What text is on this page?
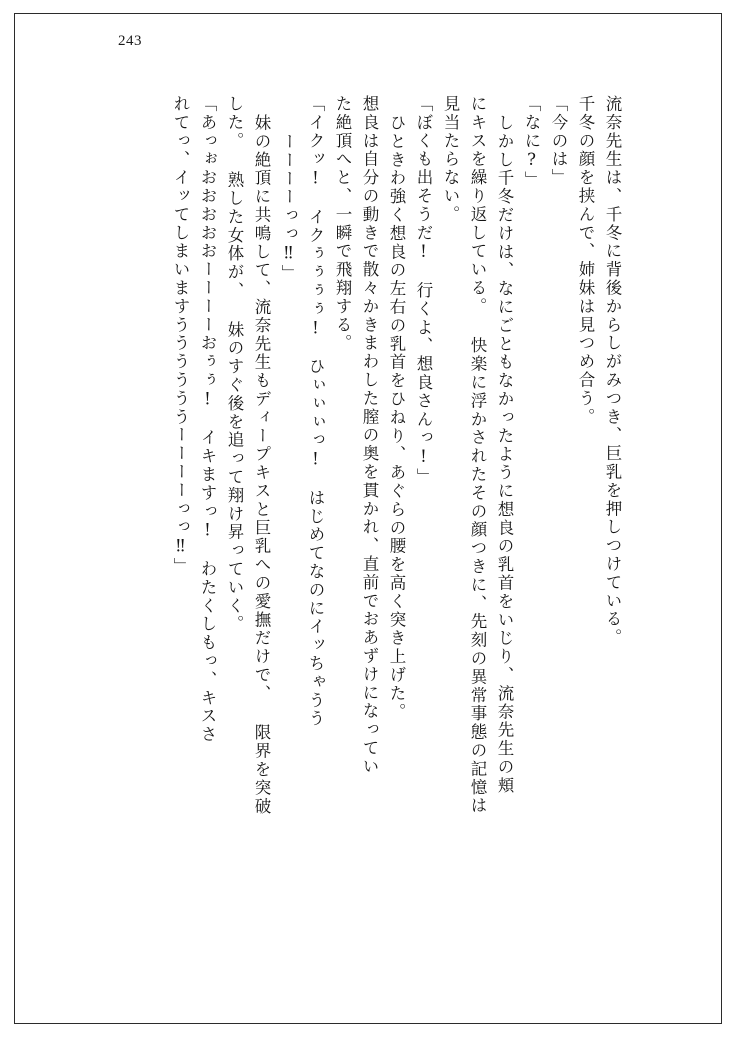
243
流奈先生は、千冬に背後からしがみつき、巨乳を押しつけている。
千冬の顔を挟んで、姉妹は見つめ合う。
「今のは」
「なに?」
しかし千冬だけは、なにごともなかったように想良の乳首をいじり、流奈先生の頬
にキスを繰り返している。 快楽に浮かされたその顔つきに、先刻の異常事態の記憶は
見当たらない。
「ぼくも出そうだ!　行くよ、想良さんっ!」
ひときわ強く想良の左右の乳首をひねり、あぐらの腰を高く突き上げた。
想良は自分の動きで散々かきまわした膣の奥を貫かれ、直前でおあずけになってい
た絶頂へと、一瞬で飛翔する。
「イクッ!　イクぅぅぅぅ!　ひぃぃぃっ!　はじめてなのにイッちゃうう
ーーーーっっ‼」
妹の絶頂に共鳴して、流奈先生もディープキスと巨乳への愛撫だけで、 限界を突破
した。 熟した女体が、 妹のすぐ後を追って翔け昇っていく。
「あっぉおおおおおーーーーおぅぅ!　イキますっ!　わたくしもっ、キスさ
れてっ、イッてしまいますううううううーーーーっっ‼」
